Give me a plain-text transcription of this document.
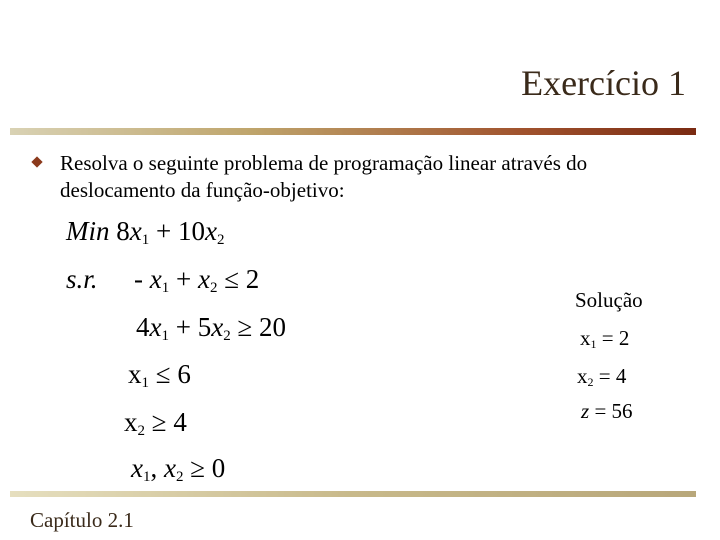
Exercício 1
Resolva o seguinte problema de programação linear através do deslocamento da função-objetivo:
Min $8x_1 + 10x_2$
s.r. - $x_1 + x_2 \le 2$
$4x_1 + 5x_2 \ge 20$
$x_1 \le 6$
$x_2 \ge 4$
$x_1$, $x_2 \ge 0$
Solução
$x_1 = 2$
$x_2 = 4$
z = 56
Capítulo 2.1
